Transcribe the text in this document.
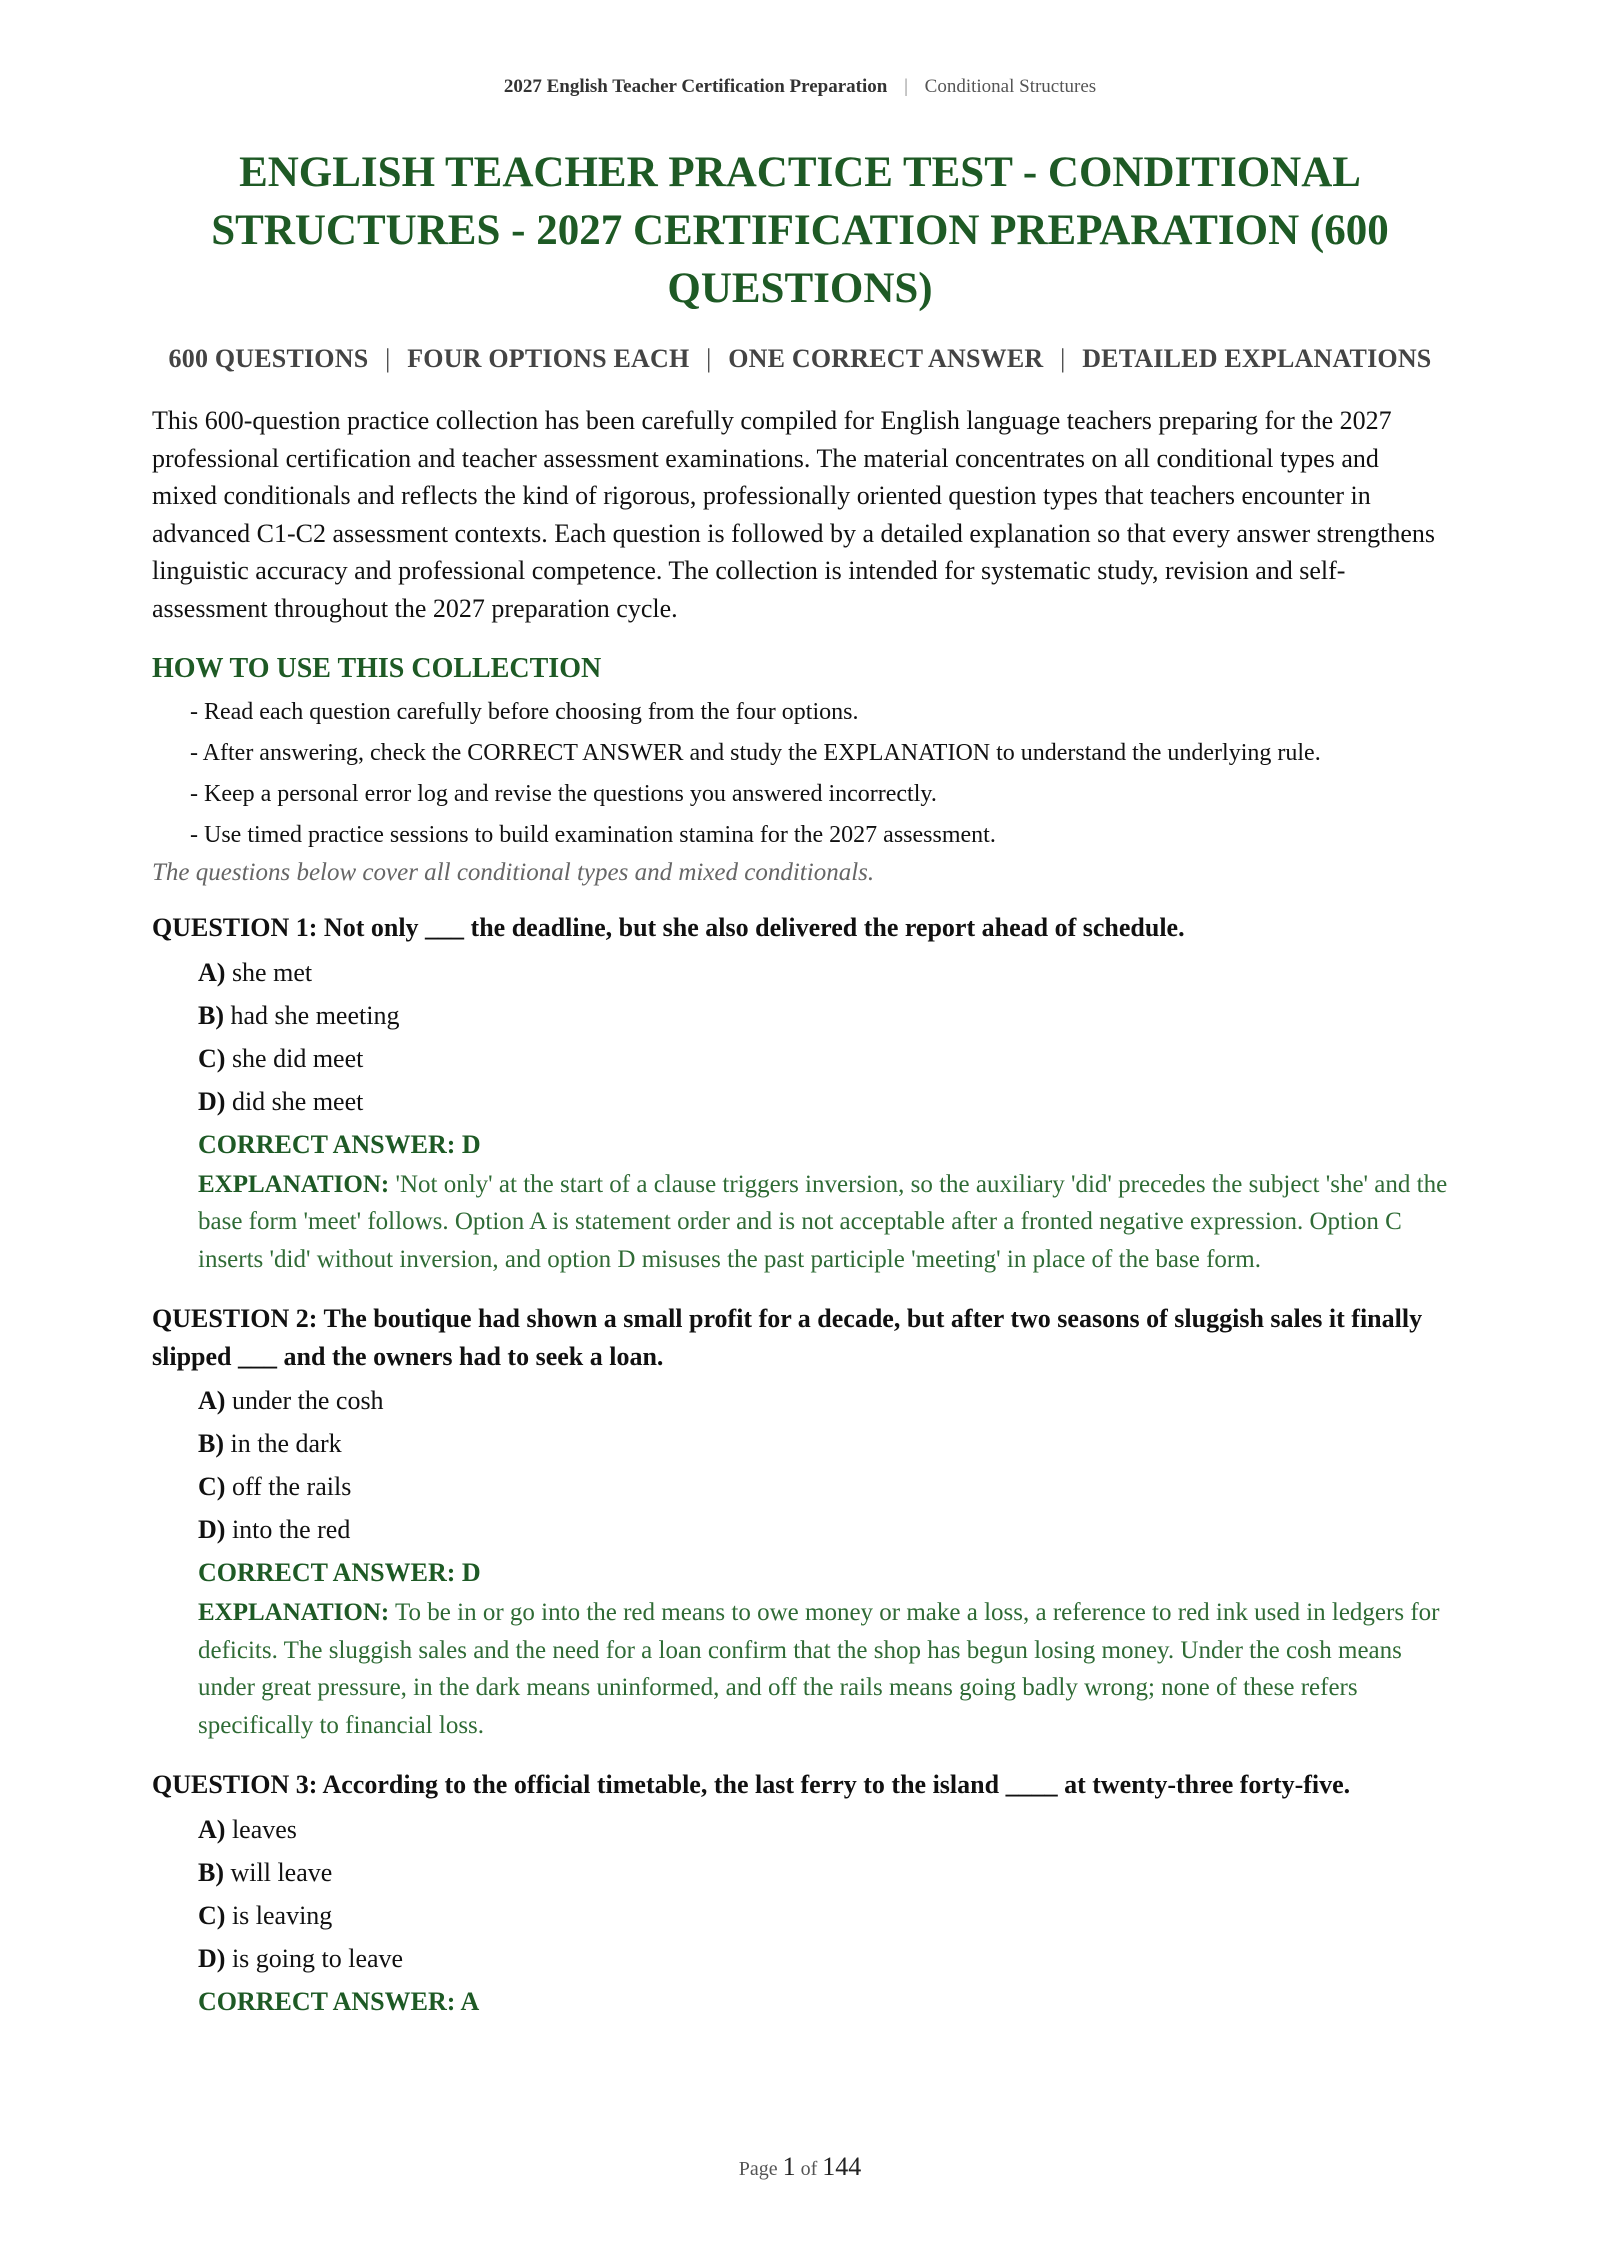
2027 English Teacher Certification Preparation | Conditional Structures
ENGLISH TEACHER PRACTICE TEST - CONDITIONAL STRUCTURES - 2027 CERTIFICATION PREPARATION (600 QUESTIONS)
600 QUESTIONS | FOUR OPTIONS EACH | ONE CORRECT ANSWER | DETAILED EXPLANATIONS

This 600-question practice collection has been carefully compiled for English language teachers preparing for the 2027 professional certification and teacher assessment examinations. The material concentrates on all conditional types and mixed conditionals and reflects the kind of rigorous, professionally oriented question types that teachers encounter in advanced C1-C2 assessment contexts. Each question is followed by a detailed explanation so that every answer strengthens linguistic accuracy and professional competence. The collection is intended for systematic study, revision and self-assessment throughout the 2027 preparation cycle.

HOW TO USE THIS COLLECTION
- Read each question carefully before choosing from the four options.
- After answering, check the CORRECT ANSWER and study the EXPLANATION to understand the underlying rule.
- Keep a personal error log and revise the questions you answered incorrectly.
- Use timed practice sessions to build examination stamina for the 2027 assessment.
The questions below cover all conditional types and mixed conditionals.
QUESTION 1: Not only ___ the deadline, but she also delivered the report ahead of schedule.
A) she met
B) had she meeting
C) she did meet
D) did she meet
CORRECT ANSWER: D
EXPLANATION: 'Not only' at the start of a clause triggers inversion, so the auxiliary 'did' precedes the subject 'she' and the base form 'meet' follows. Option A is statement order and is not acceptable after a fronted negative expression. Option C inserts 'did' without inversion, and option D misuses the past participle 'meeting' in place of the base form.
QUESTION 2: The boutique had shown a small profit for a decade, but after two seasons of sluggish sales it finally slipped ___ and the owners had to seek a loan.
A) under the cosh
B) in the dark
C) off the rails
D) into the red
CORRECT ANSWER: D
EXPLANATION: To be in or go into the red means to owe money or make a loss, a reference to red ink used in ledgers for deficits. The sluggish sales and the need for a loan confirm that the shop has begun losing money. Under the cosh means under great pressure, in the dark means uninformed, and off the rails means going badly wrong; none of these refers specifically to financial loss.
QUESTION 3: According to the official timetable, the last ferry to the island ____ at twenty-three forty-five.
A) leaves
B) will leave
C) is leaving
D) is going to leave
CORRECT ANSWER: A
Page 1 of 144
